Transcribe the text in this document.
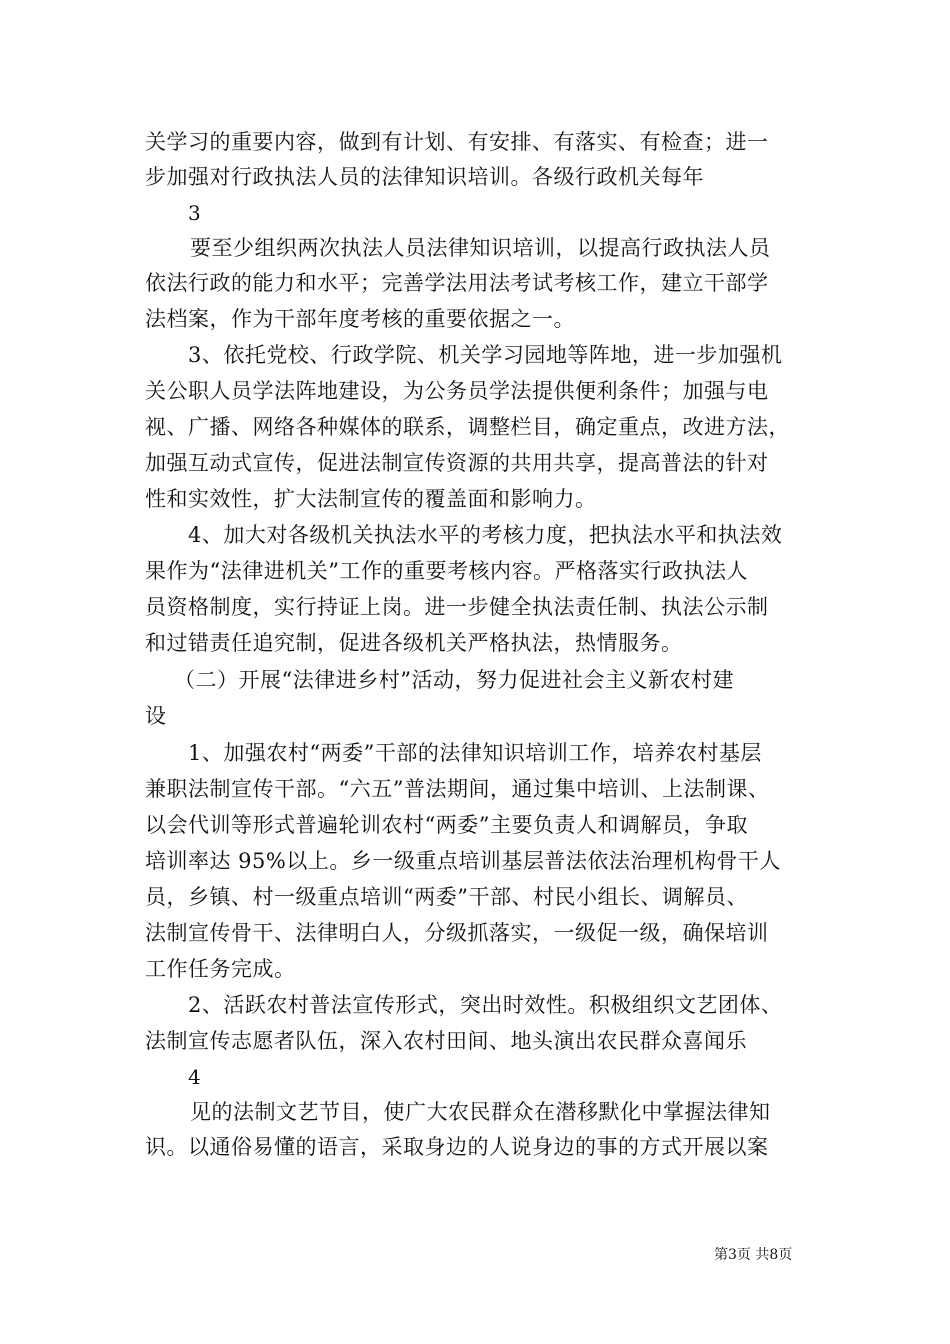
关学习的重要内容，做到有计划、有安排、有落实、有检查；进一
步加强对行政执法人员的法律知识培训。各级行政机关每年
3
要至少组织两次执法人员法律知识培训，以提高行政执法人员
依法行政的能力和水平；完善学法用法考试考核工作，建立干部学
法档案，作为干部年度考核的重要依据之一。
3、依托党校、行政学院、机关学习园地等阵地，进一步加强机
关公职人员学法阵地建设，为公务员学法提供便利条件；加强与电
视、广播、网络各种媒体的联系，调整栏目，确定重点，改进方法，
加强互动式宣传，促进法制宣传资源的共用共享，提高普法的针对
性和实效性，扩大法制宣传的覆盖面和影响力。
4、加大对各级机关执法水平的考核力度，把执法水平和执法效
果作为“法律进机关”工作的重要考核内容。严格落实行政执法人
员资格制度，实行持证上岗。进一步健全执法责任制、执法公示制
和过错责任追究制，促进各级机关严格执法，热情服务。
（二）开展“法律进乡村”活动，努力促进社会主义新农村建
设
1、加强农村“两委”干部的法律知识培训工作，培养农村基层
兼职法制宣传干部。“六五”普法期间，通过集中培训、上法制课、
以会代训等形式普遍轮训农村“两委”主要负责人和调解员，争取
培训率达 95%以上。乡一级重点培训基层普法依法治理机构骨干人
员，乡镇、村一级重点培训“两委”干部、村民小组长、调解员、
法制宣传骨干、法律明白人，分级抓落实，一级促一级，确保培训
工作任务完成。
2、活跃农村普法宣传形式，突出时效性。积极组织文艺团体、
法制宣传志愿者队伍，深入农村田间、地头演出农民群众喜闻乐
4
见的法制文艺节目，使广大农民群众在潜移默化中掌握法律知
识。以通俗易懂的语言，采取身边的人说身边的事的方式开展以案
第3页 共8页
